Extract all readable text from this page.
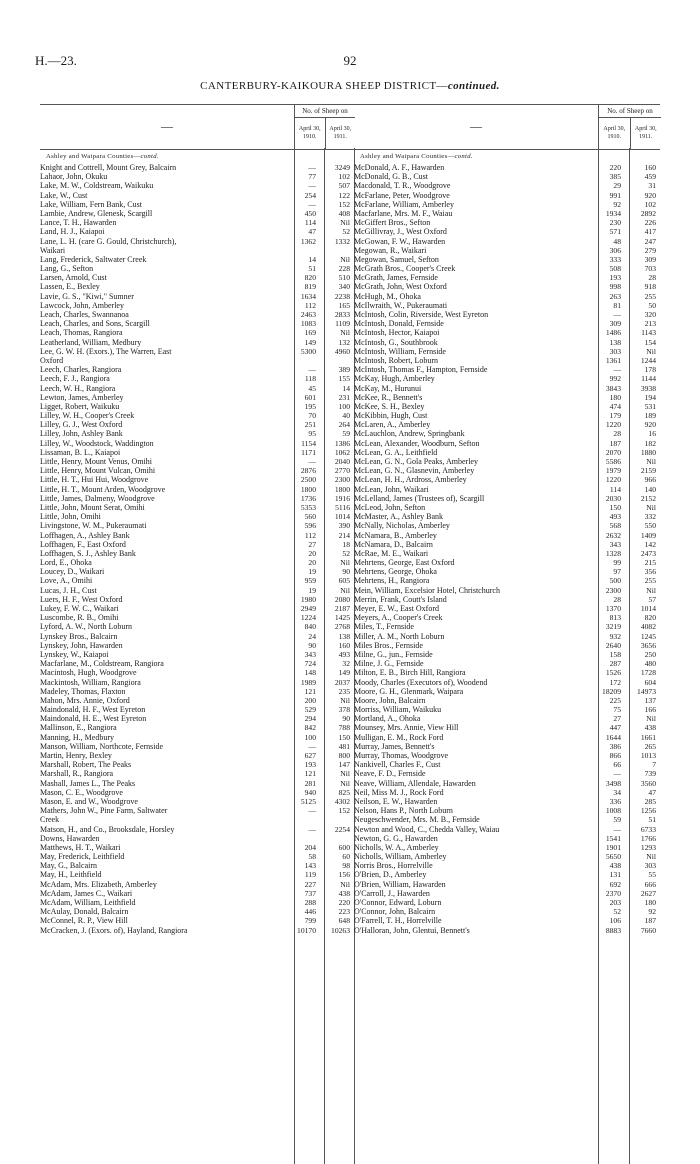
H.—23.	92
CANTERBURY-KAIKOURA SHEEP DISTRICT—continued.
—
No. of Sheep on
April 30, 1910.
April 30, 1911.
Ashley and Waipara Counties—contd.
Knight and Cottrell, Mount Grey, Balcairn	—	3249
Lahaor, John, Okuku	77	102
Lake, M. W., Coldstream, Waikuku	—	507
Lake, W., Cust	254	122
Lake, William, Fern Bank, Cust	—	152
Lambie, Andrew, Glenesk, Scargill	450	408
Lance, T. H., Hawarden	114	Nil
Land, H. J., Kaiapoi	47	52
Lane, L. H. (care G. Gould, Christchurch),	1362	1332
Waikari
Lang, Frederick, Saltwater Creek	14	Nil
Lang, G., Sefton	51	228
Larsen, Arnold, Cust	820	510
Lassen, E., Bexley	819	340
Lavie, G. S., "Kiwi," Sumner	1634	2238
Lawcock, John, Amberley	112	165
Leach, Charles, Swannanoa	2463	2833
Leach, Charles, and Sons, Scargill	1083	1109
Leach, Thomas, Rangiora	169	Nil
Leatherland, William, Medbury	149	132
Lee, G. W. H. (Exors.), The Warren, East	5300	4960
Oxford
Leech, Charles, Rangiora	—	389
Leech, F. J., Rangiora	118	155
Leech, W. H., Rangiora	45	14
Lewton, James, Amberley	601	231
Ligget, Robert, Waikuku	195	100
Lilley, W. H., Cooper's Creek	70	40
Lilley, G. J., West Oxford	251	264
Lilley, John, Ashley Bank	95	59
Lilley, W., Woodstock, Waddington	1154	1386
Lissaman, B. L., Kaiapoi	1171	1062
Little, Henry, Mount Venus, Omihi	—	2040
Little, Henry, Mount Vulcan, Omihi	2876	2770
Little, H. T., Hui Hui, Woodgrove	2500	2300
Little, H. T., Mount Arden, Woodgrove	1800	1800
Little, James, Dalmeny, Woodgrove	1736	1916
Little, John, Mount Serat, Omihi	5353	5116
Little, John, Omihi	560	1014
Livingstone, W. M., Pukeraumati	596	390
Loffhagen, A., Ashley Bank	112	214
Loffhagen, F., East Oxford	27	18
Loffhagen, S. J., Ashley Bank	20	52
Lord, E., Ohoka	20	Nil
Loucey, D., Waikari	19	90
Love, A., Omihi	959	605
Lucas, J. H., Cust	19	Nil
Luers, H. F., West Oxford	1980	2080
Lukey, F. W. C., Waikari	2949	2187
Luscombe, R. B., Omihi	1224	1425
Lyford, A. W., North Loburn	840	2768
Lynskey Bros., Balcairn	24	138
Lynskey, John, Hawarden	90	160
Lynskey, W., Kaiapoi	343	493
Macfarlane, M., Coldstream, Rangiora	724	32
Macintosh, Hugh, Woodgrove	148	149
Mackintosh, William, Rangiora	1989	2037
Madeley, Thomas, Flaxton	121	235
Mahon, Mrs. Annie, Oxford	200	Nil
Maindonald, H. F., West Eyreton	529	378
Maindonald, H. E., West Eyreton	294	90
Mallinson, E., Rangiora	842	788
Manning, H., Medbury	100	150
Manson, William, Northcote, Fernside	—	481
Martin, Henry, Bexley	627	800
Marshall, Robert, The Peaks	193	147
Marshall, R., Rangiora	121	Nil
Mashall, James L., The Peaks	281	Nil
Mason, C. E., Woodgrove	940	825
Mason, E. and W., Woodgrove	5125	4302
Mathers, John W., Pine Farm, Saltwater	—	152
Creek
Matson, H., and Co., Brooksdale, Horsley	—	2254
Downs, Hawarden
Matthews, H. T., Waikari	204	600
May, Frederick, Leithfield	58	60
May, G., Balcairn	143	98
May, H., Leithfield	119	156
McAdam, Mrs. Elizabeth, Amberley	227	Nil
McAdam, James C., Waikari	737	438
McAdam, William, Leithfield	288	220
McAulay, Donald, Balcairn	446	223
McConnel, R. P., View Hill	799	648
McCracken, J. (Exors. of), Hayland, Rangiora	10170	10263
—
No. of Sheep on
April 30, 1910.
April 30, 1911.
Ashley and Waipara Counties—contd.
McDonald, A. F., Hawarden	220	160
McDonald, G. B., Cust	385	459
Macdonald, T. R., Woodgrove	29	31
McFarlane, Peter, Woodgrove	991	920
McFarlane, William, Amberley	92	102
Macfarlane, Mrs. M. F., Waiau	1934	2892
McGiffert Bros., Sefton	230	226
McGillivray, J., West Oxford	571	417
McGowan, F. W., Hawarden	48	247
Megowan, R., Waikari	306	279
Megowan, Samuel, Sefton	333	309
McGrath Bros., Cooper's Creek	508	703
McGrath, James, Fernside	193	28
McGrath, John, West Oxford	998	918
McHugh, M., Ohoka	263	255
McIlwraith, W., Pukeraumati	81	50
McIntosh, Colin, Riverside, West Eyreton	—	320
McIntosh, Donald, Fernside	309	213
McIntosh, Hector, Kaiapoi	1486	1143
McIntosh, G., Southbrook	138	154
McIntosh, William, Fernside	303	Nil
McIntosh, Robert, Loburn	1361	1244
McIntosh, Thomas F., Hampton, Fernside	—	178
McKay, Hugh, Amberley	992	1144
McKay, M., Hurunui	3843	3938
McKee, R., Bennett's	180	194
McKee, S. H., Bexley	474	531
McKibbin, Hugh, Cust	179	189
McLaren, A., Amberley	1220	920
McLauchlon, Andrew, Springbank	28	16
McLean, Alexander, Woodburn, Sefton	187	182
McLean, G. A., Leithfield	2070	1880
McLean, G. N., Gola Peaks, Amberley	5586	Nil
McLean, G. N., Glasnevin, Amberley	1979	2159
McLean, H. H., Ardross, Amberley	1220	966
McLean, John, Waikari	114	140
McLelland, James (Trustees of), Scargill	2030	2152
McLeod, John, Sefton	150	Nil
McMaster, A., Ashley Bank	493	332
McNally, Nicholas, Amberley	568	550
McNamara, B., Amberley	2632	1409
McNamara, D., Balcairn	343	142
McRae, M. E., Waikari	1328	2473
Mehrtens, George, East Oxford	99	215
Mehrtens, George, Ohoka	97	356
Mehrtens, H., Rangiora	500	255
Mein, William, Excelsior Hotel, Christchurch	2300	Nil
Merrin, Frank, Coutt's Island	28	57
Meyer, E. W., East Oxford	1370	1014
Meyers, A., Cooper's Creek	813	820
Miles, T., Fernside	3219	4082
Miller, A. M., North Loburn	932	1245
Miles Bros., Fernside	2640	3656
Milne, G., jun., Fernside	158	250
Milne, J. G., Fernside	287	480
Milton, E. B., Birch Hill, Rangiora	1526	1728
Moody, Charles (Executors of), Woodend	172	604
Moore, G. H., Glenmark, Waipara	18209	14973
Moore, John, Balcairn	225	137
Morriss, William, Waikuku	75	166
Mortland, A., Ohoka	27	Nil
Mounsey, Mrs. Annie, View Hill	447	438
Mulligan, E. M., Rock Ford	1644	1661
Murray, James, Bennett's	386	265
Murray, Thomas, Woodgrove	866	1013
Nankivell, Charles F., Cust	66	7
Neave, F. D., Fernside	—	739
Neave, William, Allendale, Hawarden	3498	3560
Neil, Miss M. J., Rock Ford	34	47
Neilson, E. W., Hawarden	336	285
Nelson, Hans P., North Loburn	1008	1256
Neugeschwender, Mrs. M. B., Fernside	59	51
Newton and Wood, C., Chedda Valley, Waiau	—	6733
Newton, G. G., Hawarden	1541	1766
Nicholls, W. A., Amberley	1901	1293
Nicholls, William, Amberley	5650	Nil
Norris Bros., Horrelville	438	303
O'Brien, D., Amberley	131	55
O'Brien, William, Hawarden	692	666
O'Carroll, J., Hawarden	2370	2627
O'Connor, Edward, Loburn	203	180
O'Connor, John, Balcairn	52	92
O'Farrell, T. H., Horrelville	106	187
O'Halloran, John, Glentui, Bennett's	8883	7660
